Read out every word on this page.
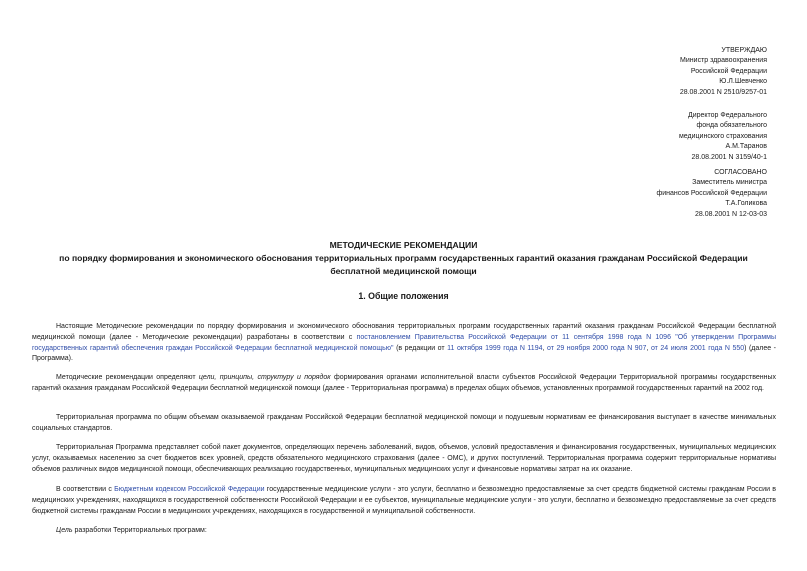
УТВЕРЖДАЮ
Министр здравоохранения
Российской Федерации
Ю.Л.Шевченко
28.08.2001 N 2510/9257-01
Директор Федерального
фонда обязательного
медицинского страхования
А.М.Таранов
28.08.2001 N 3159/40-1
СОГЛАСОВАНО
Заместитель министра
финансов Российской Федерации
Т.А.Голикова
28.08.2001 N 12-03-03
МЕТОДИЧЕСКИЕ РЕКОМЕНДАЦИИ
по порядку формирования и экономического обоснования территориальных программ государственных гарантий оказания гражданам Российской Федерации
бесплатной медицинской помощи
1. Общие положения

Настоящие Методические рекомендации по порядку формирования и экономического обоснования территориальных программ государственных гарантий оказания гражданам Российской Федерации бесплатной медицинской помощи (далее - Методические рекомендации) разработаны в соответствии с постановлением Правительства Российской Федерации от 11 сентября 1998 года N 1096 "Об утверждении Программы государственных гарантий обеспечения граждан Российской Федерации бесплатной медицинской помощью" (в редакции от 11 октября 1999 года N 1194, от 29 ноября 2000 года N 907, от 24 июля 2001 года N 550) (далее - Программа).

Методические рекомендации определяют цели, принципы, структуру и порядок формирования органами исполнительной власти субъектов Российской Федерации Территориальной программы государственных гарантий оказания гражданам Российской Федерации бесплатной медицинской помощи (далее - Территориальная программа) в пределах общих объемов, установленных программой государственных гарантий на 2002 год.

Территориальная программа по общим объемам оказываемой гражданам Российской Федерации бесплатной медицинской помощи и подушевым нормативам ее финансирования выступает в качестве минимальных социальных стандартов.

Территориальная Программа представляет собой пакет документов, определяющих перечень заболеваний, видов, объемов, условий предоставления и финансирования государственных, муниципальных медицинских услуг, оказываемых населению за счет бюджетов всех уровней, средств обязательного медицинского страхования (далее - ОМС), и других поступлений. Территориальная программа содержит территориальные нормативы объемов различных видов медицинской помощи, обеспечивающих реализацию государственных, муниципальных медицинских услуг и финансовые нормативы затрат на их оказание.

В соответствии с Бюджетным кодексом Российской Федерации государственные медицинские услуги - это услуги, бесплатно и безвозмездно предоставляемые за счет средств бюджетной системы гражданам России в медицинских учреждениях, находящихся в государственной собственности Российской Федерации и ее субъектов, муниципальные медицинские услуги - это услуги, бесплатно и безвозмездно предоставляемые за счет средств бюджетной системы гражданам России в медицинских учреждениях, находящихся в государственной и муниципальной собственности.

Цель разработки Территориальных программ:
